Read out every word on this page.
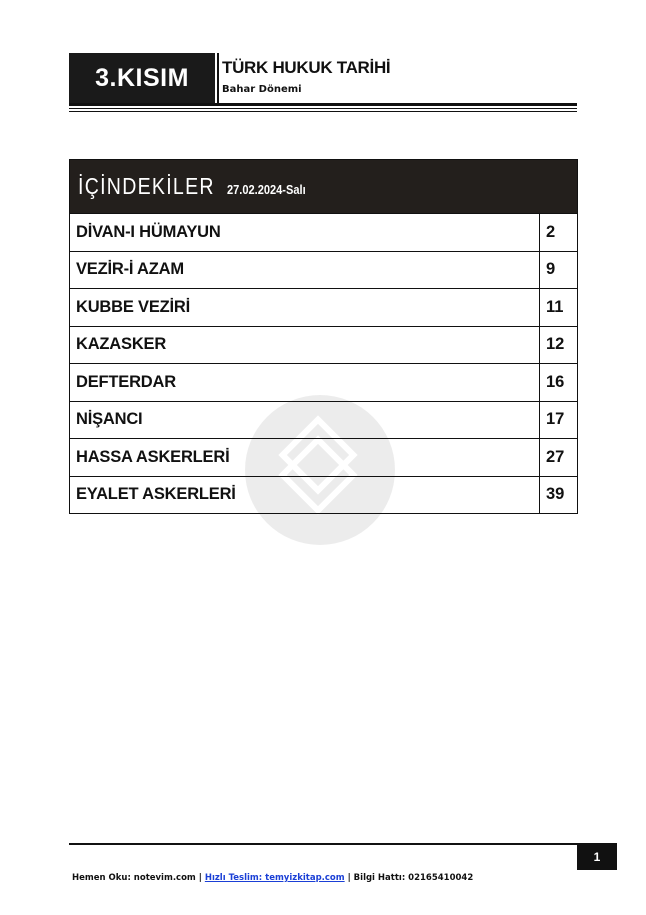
3.KISIM TÜRK HUKUK TARİHİ
Bahar Dönemi
İÇİNDEKİLER 27.02.2024-Salı
DİVAN-I HÜMAYUN	2
VEZİR-İ AZAM	9
KUBBE VEZİRİ	11
KAZASKER	12
DEFTERDAR	16
NİŞANCI	17
HASSA ASKERLERİ	27
EYALET ASKERLERİ	39
1
Hemen Oku: notevim.com | Hızlı Teslim: temyizkitap.com | Bilgi Hattı: 02165410042
